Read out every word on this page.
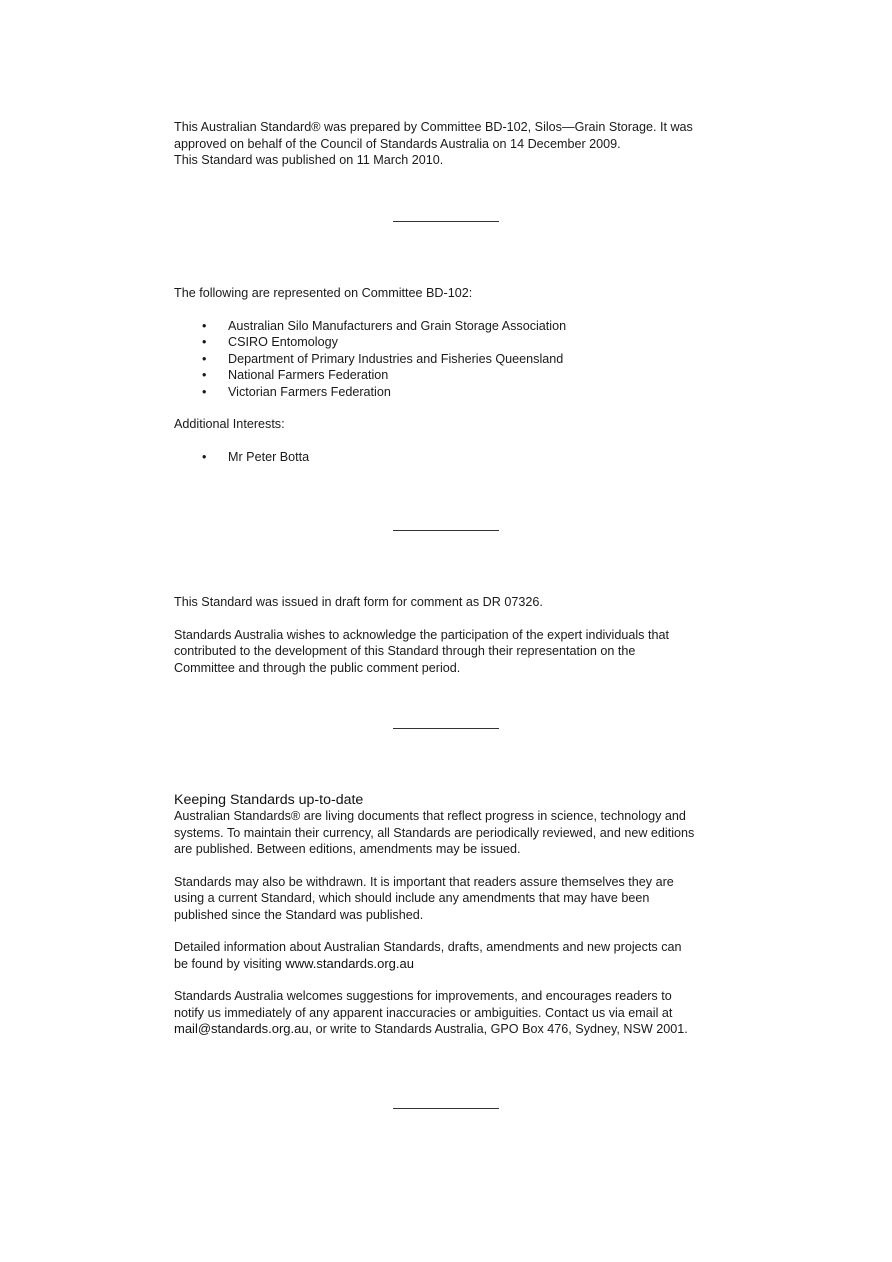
This Australian Standard® was prepared by Committee BD-102, Silos—Grain Storage. It was

approved on behalf of the Council of Standards Australia on 14 December 2009.

This Standard was published on 11 March 2010.

The following are represented on Committee BD-102:

• Australian Silo Manufacturers and Grain Storage Association
• CSIRO Entomology
• Department of Primary Industries and Fisheries Queensland
• National Farmers Federation
• Victorian Farmers Federation

Additional Interests:

• Mr Peter Botta

This Standard was issued in draft form for comment as DR 07326.

Standards Australia wishes to acknowledge the participation of the expert individuals that

contributed to the development of this Standard through their representation on the

Committee and through the public comment period.

Keeping Standards up-to-date

Australian Standards® are living documents that reflect progress in science, technology and

systems. To maintain their currency, all Standards are periodically reviewed, and new editions

are published. Between editions, amendments may be issued.

Standards may also be withdrawn. It is important that readers assure themselves they are

using a current Standard, which should include any amendments that may have been

published since the Standard was published.

Detailed information about Australian Standards, drafts, amendments and new projects can

be found by visiting www.standards.org.au

Standards Australia welcomes suggestions for improvements, and encourages readers to

notify us immediately of any apparent inaccuracies or ambiguities. Contact us via email at

mail@standards.org.au, or write to Standards Australia, GPO Box 476, Sydney, NSW 2001.
